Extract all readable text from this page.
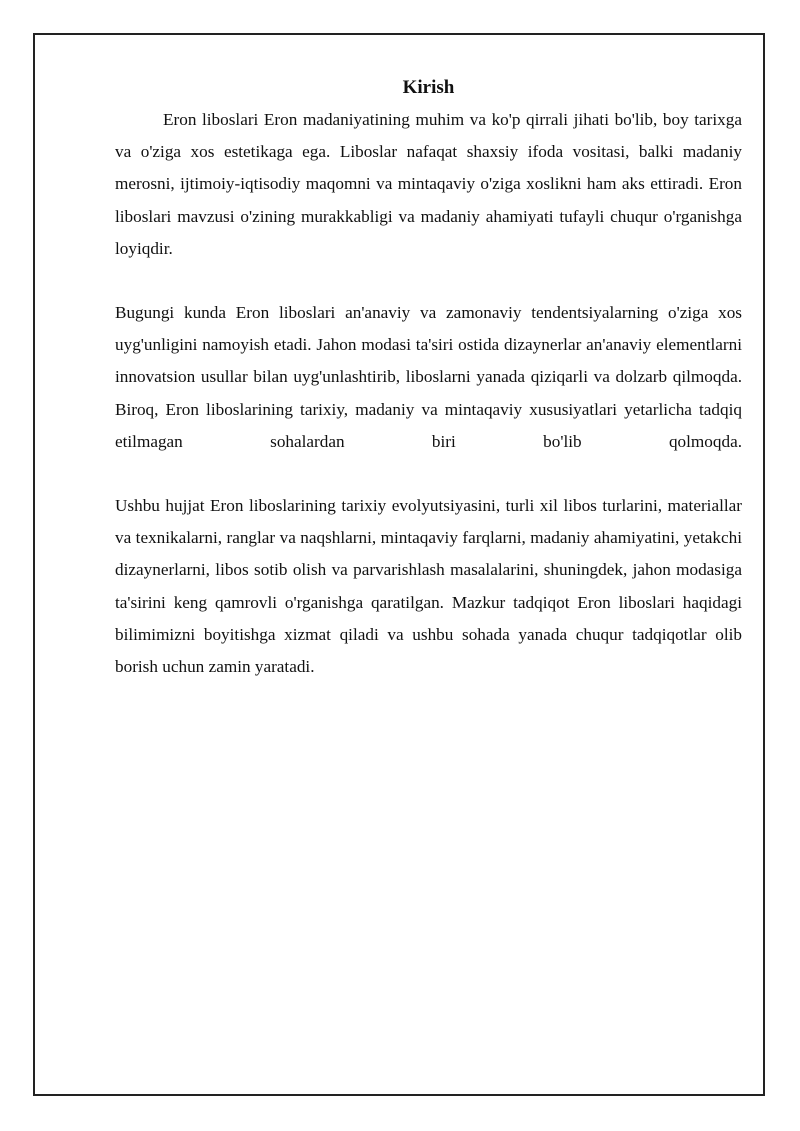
Kirish

Eron liboslari Eron madaniyatining muhim va ko'p qirrali jihati bo'lib, boy tarixga va o'ziga xos estetikaga ega. Liboslar nafaqat shaxsiy ifoda vositasi, balki madaniy merosni, ijtimoiy-iqtisodiy maqomni va mintaqaviy o'ziga xoslikni ham aks ettiradi. Eron liboslari mavzusi o'zining murakkabligi va madaniy ahamiyati tufayli chuqur o'rganishga loyiqdir.

Bugungi kunda Eron liboslari an'anaviy va zamonaviy tendentsiyalarning o'ziga xos uyg'unligini namoyish etadi. Jahon modasi ta'siri ostida dizaynerlar an'anaviy elementlarni innovatsion usullar bilan uyg'unlashtirib, liboslarni yanada qiziqarli va dolzarb qilmoqda. Biroq, Eron liboslarining tarixiy, madaniy va mintaqaviy xususiyatlari yetarlicha tadqiq etilmagan sohalardan biri bo'lib qolmoqda.

Ushbu hujjat Eron liboslarining tarixiy evolyutsiyasini, turli xil libos turlarini, materiallar va texnikalarni, ranglar va naqshlarni, mintaqaviy farqlarni, madaniy ahamiyatini, yetakchi dizaynerlarni, libos sotib olish va parvarishlash masalalarini, shuningdek, jahon modasiga ta'sirini keng qamrovli o'rganishga qaratilgan. Mazkur tadqiqot Eron liboslari haqidagi bilimimizni boyitishga xizmat qiladi va ushbu sohada yanada chuqur tadqiqotlar olib borish uchun zamin yaratadi.
